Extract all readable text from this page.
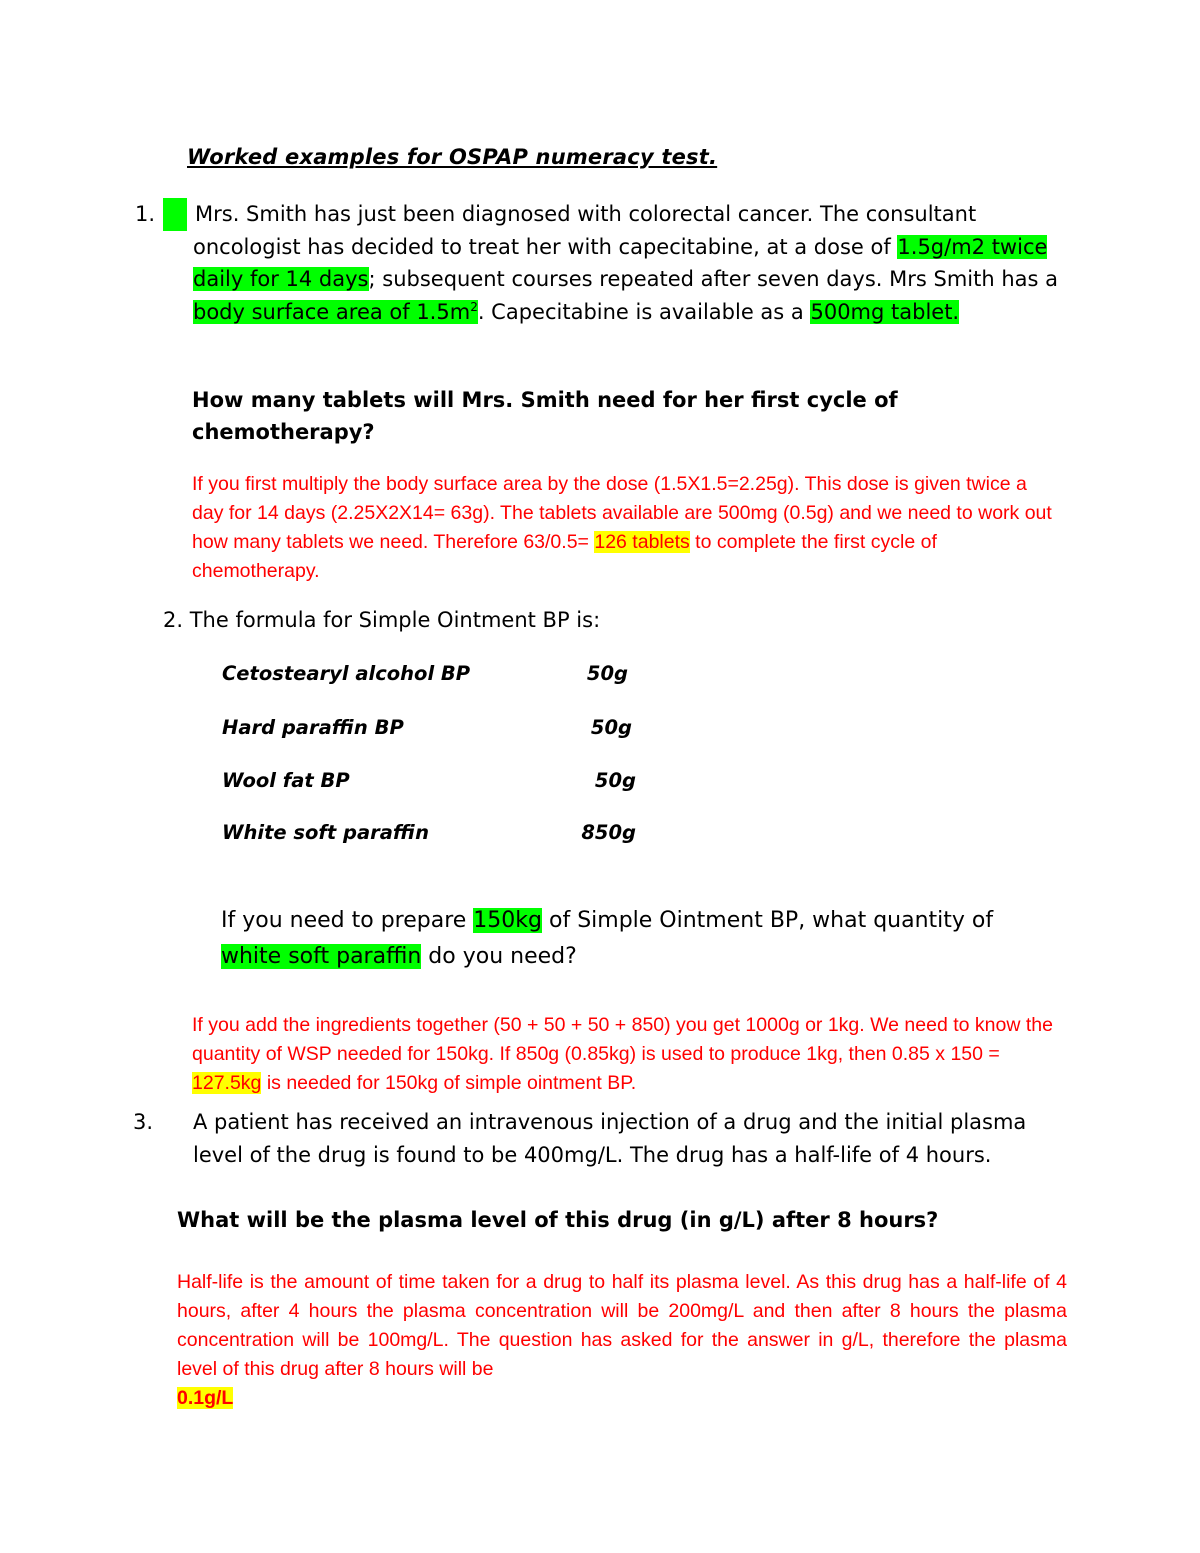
Worked examples for OSPAP numeracy test.
1. Mrs. Smith has just been diagnosed with colorectal cancer. The consultant oncologist has decided to treat her with capecitabine, at a dose of 1.5g/m2 twice daily for 14 days; subsequent courses repeated after seven days. Mrs Smith has a body surface area of $1.5m^2$. Capecitabine is available as a 500mg tablet.
How many tablets will Mrs. Smith need for her first cycle of chemotherapy?
If you first multiply the body surface area by the dose (1.5X1.5=2.25g). This dose is given twice a day for 14 days (2.25X2X14= 63g). The tablets available are 500mg (0.5g) and we need to work out how many tablets we need. Therefore 63/0.5= 126 tablets to complete the first cycle of chemotherapy.
2. The formula for Simple Ointment BP is:
Cetostearyl alcohol BP	50g
Hard paraffin BP	50g
Wool fat BP	50g
White soft paraffin	850g
If you need to prepare 150kg of Simple Ointment BP, what quantity of white soft paraffin do you need?
If you add the ingredients together (50 + 50 + 50 + 850) you get 1000g or 1kg. We need to know the quantity of WSP needed for 150kg. If 850g (0.85kg) is used to produce 1kg, then 0.85 x 150 = 127.5kg is needed for 150kg of simple ointment BP.
3. A patient has received an intravenous injection of a drug and the initial plasma level of the drug is found to be 400mg/L. The drug has a half-life of 4 hours.
What will be the plasma level of this drug (in g/L) after 8 hours?
Half-life is the amount of time taken for a drug to half its plasma level. As this drug has a half-life of 4 hours, after 4 hours the plasma concentration will be 200mg/L and then after 8 hours the plasma concentration will be 100mg/L. The question has asked for the answer in g/L, therefore the plasma level of this drug after 8 hours will be
0.1g/L
